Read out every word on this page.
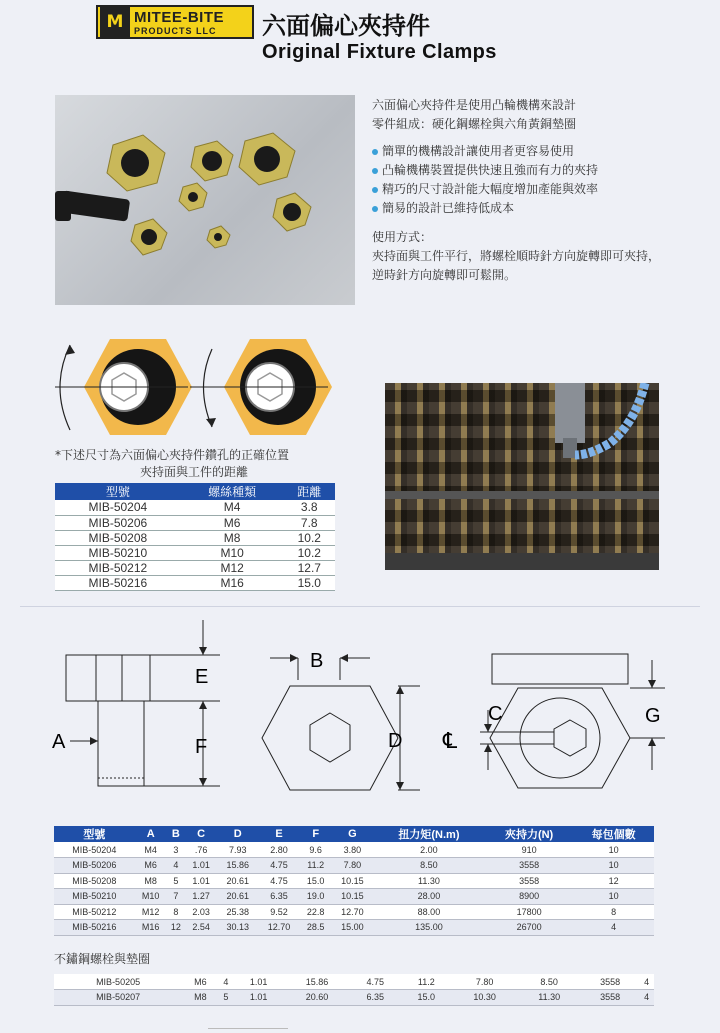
M MITEE-BITE
PRODUCTS LLC	六面偏心夾持件
Original Fixture Clamps
六面偏心夾持件是使用凸輪機構來設計
零件組成：硬化鋼螺栓與六角黃銅墊圈
簡單的機構設計讓使用者更容易使用
凸輪機構裝置提供快速且強而有力的夾持
精巧的尺寸設計能大幅度增加產能與效率
簡易的設計已維持低成本
使用方式：
夾持面與工件平行，將螺栓順時針方向旋轉即可夾持，
逆時針方向旋轉即可鬆開。
*下述尺寸為六面偏心夾持件鑽孔的正確位置
夾持面與工件的距離
型號	螺絲種類	距離
MIB-50204	M4	3.8
MIB-50206	M6	7.8
MIB-50208	M8	10.2
MIB-50210	M10	10.2
MIB-50212	M12	12.7
MIB-50216	M16	15.0
E
F
A
B
D
C
℄
G
型號	A	B	C	D	E	F	G	扭力矩(N.m)	夾持力(N)	每包個數
MIB-50204	M4	3	.76	7.93	2.80	9.6	3.80	2.00	910	10
MIB-50206	M6	4	1.01	15.86	4.75	11.2	7.80	8.50	3558	10
MIB-50208	M8	5	1.01	20.61	4.75	15.0	10.15	11.30	3558	12
MIB-50210	M10	7	1.27	20.61	6.35	19.0	10.15	28.00	8900	10
MIB-50212	M12	8	2.03	25.38	9.52	22.8	12.70	88.00	17800	8
MIB-50216	M16	12	2.54	30.13	12.70	28.5	15.00	135.00	26700	4
不鏽鋼螺栓與墊圈
MIB-50205	M6	4	1.01	15.86	4.75	11.2	7.80	8.50	3558	4
MIB-50207	M8	5	1.01	20.60	6.35	15.0	10.30	11.30	3558	4
